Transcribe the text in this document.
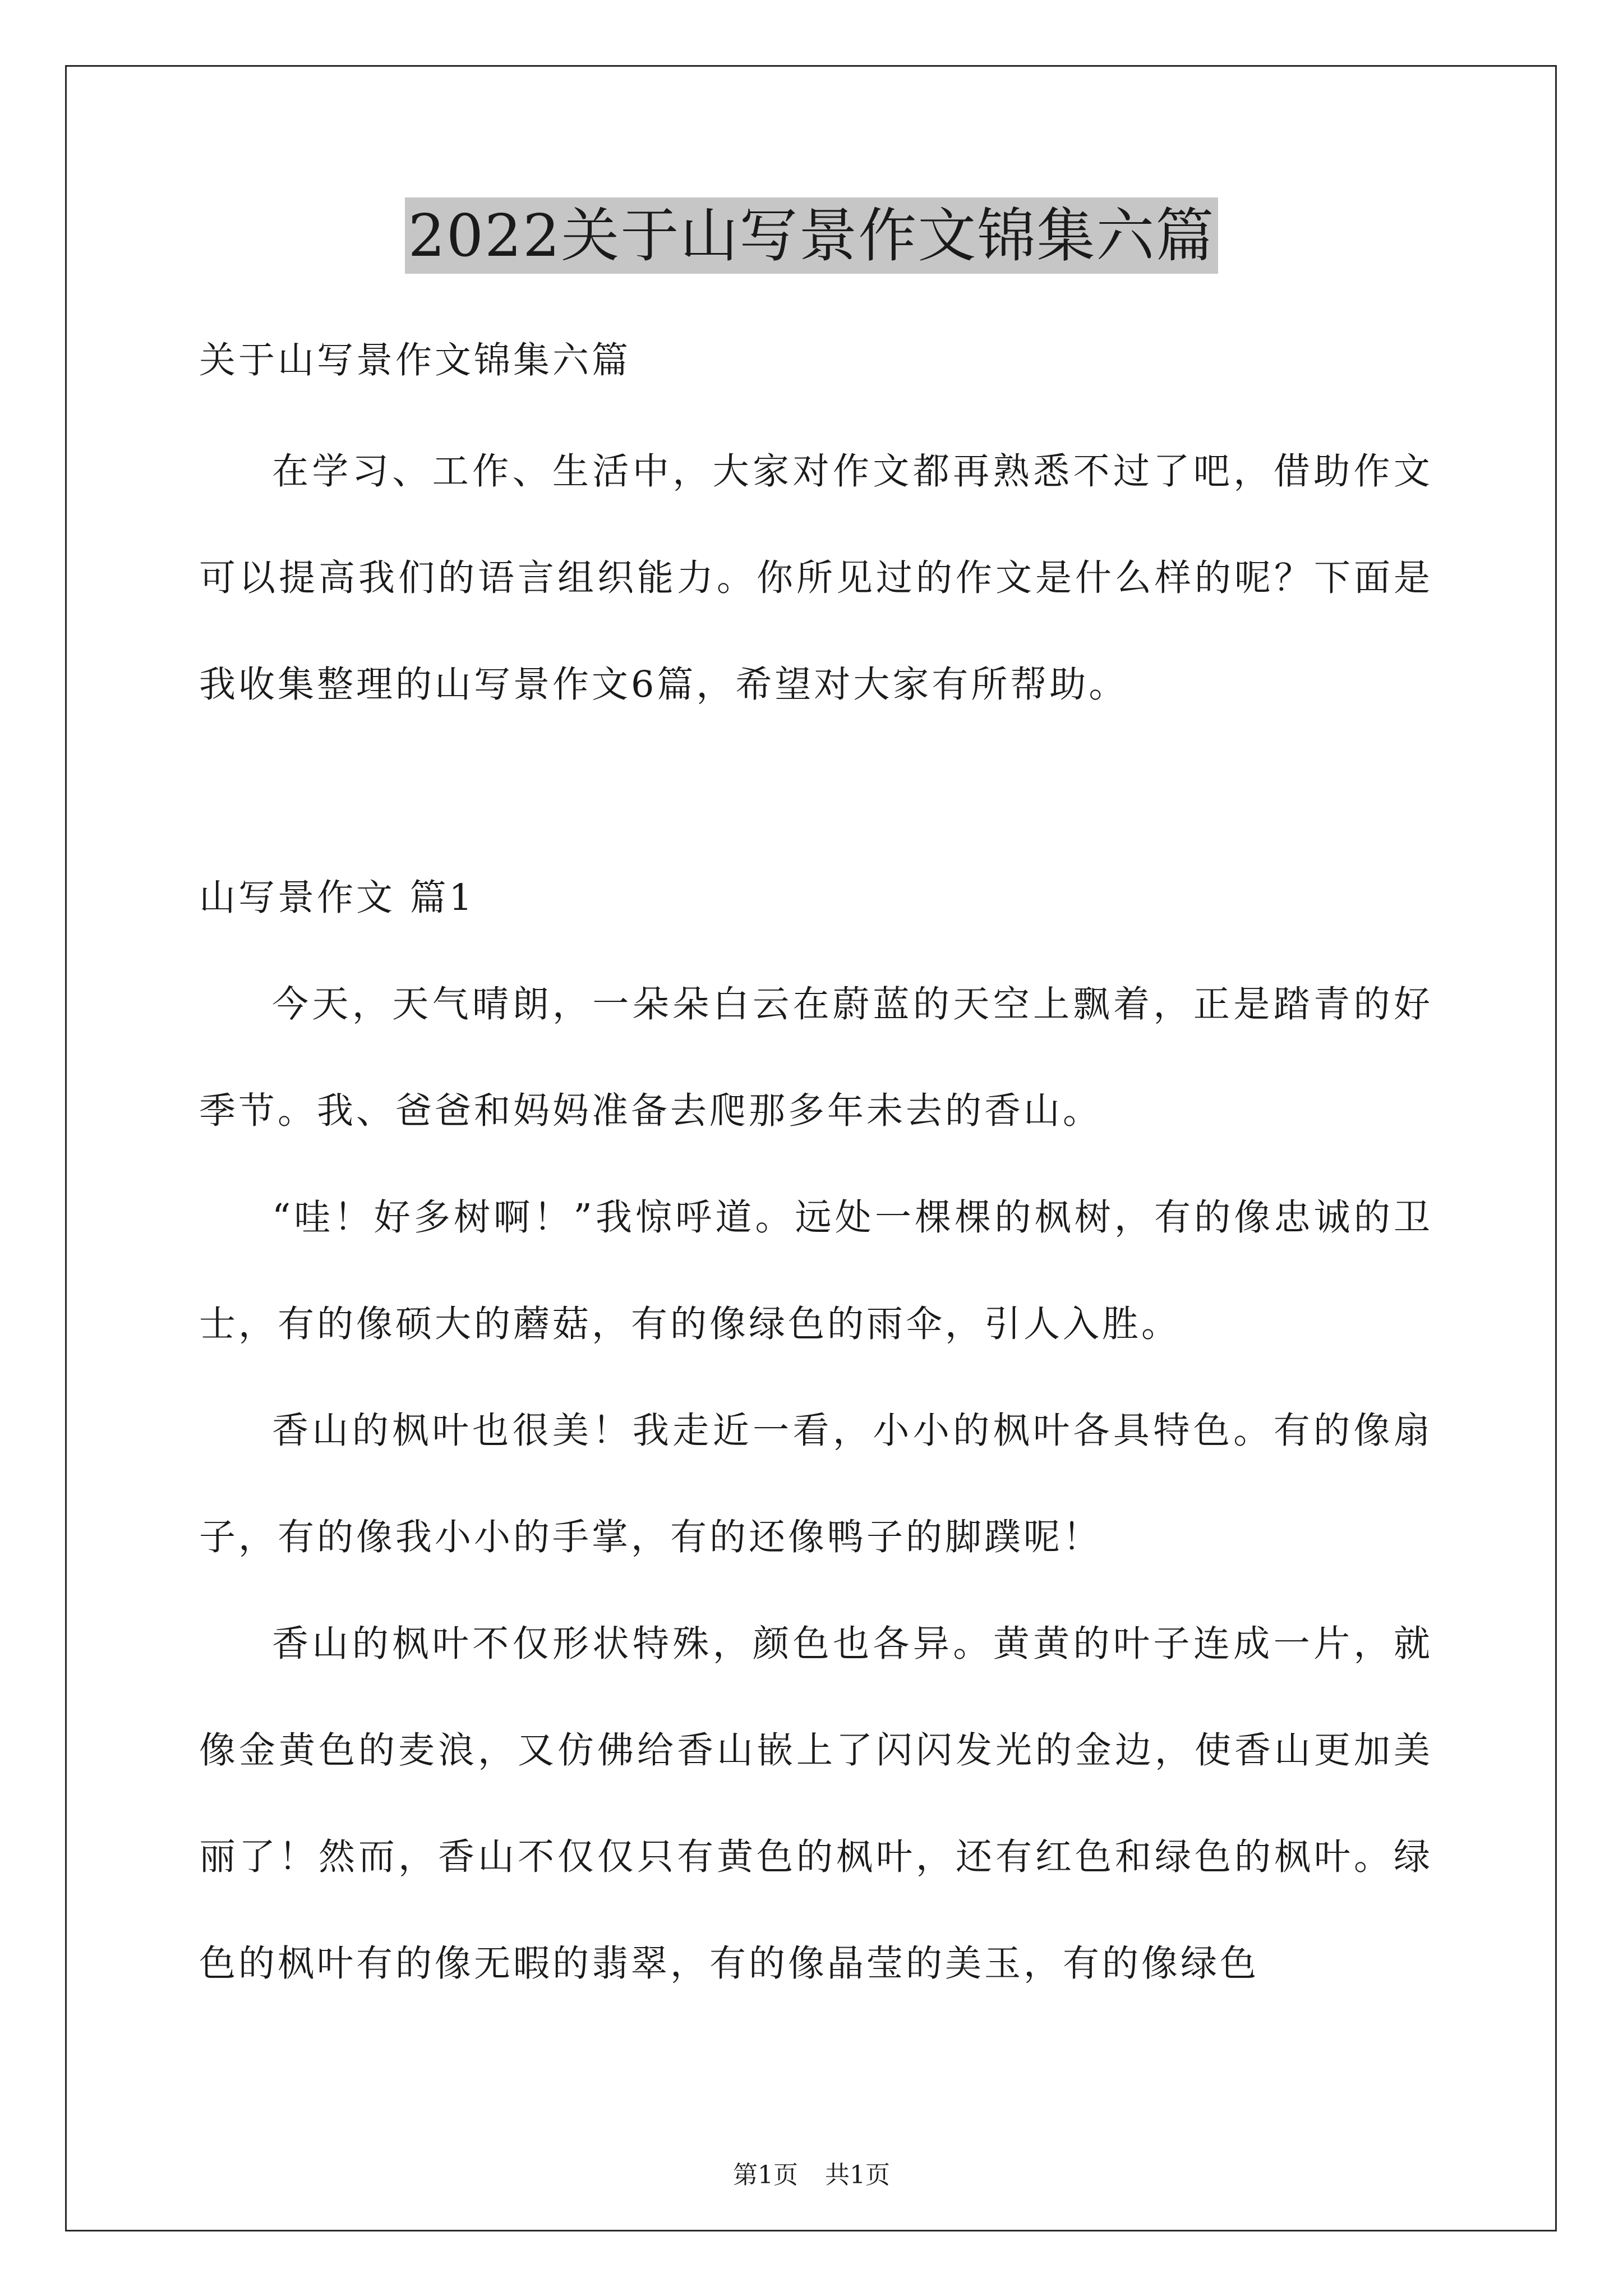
2022关于山写景作文锦集六篇

关于山写景作文锦集六篇

在学习、工作、生活中，大家对作文都再熟悉不过了吧，借助作文可以提高我们的语言组织能力。你所见过的作文是什么样的呢？下面是我收集整理的山写景作文6篇，希望对大家有所帮助。

山写景作文 篇1

今天，天气晴朗，一朵朵白云在蔚蓝的天空上飘着，正是踏青的好季节。我、爸爸和妈妈准备去爬那多年未去的香山。

“哇！好多树啊！”我惊呼道。远处一棵棵的枫树，有的像忠诚的卫士，有的像硕大的蘑菇，有的像绿色的雨伞，引人入胜。

香山的枫叶也很美！我走近一看，小小的枫叶各具特色。有的像扇子，有的像我小小的手掌，有的还像鸭子的脚蹼呢！

香山的枫叶不仅形状特殊，颜色也各异。黄黄的叶子连成一片，就像金黄色的麦浪，又仿佛给香山嵌上了闪闪发光的金边，使香山更加美丽了！然而，香山不仅仅只有黄色的枫叶，还有红色和绿色的枫叶。绿色的枫叶有的像无暇的翡翠，有的像晶莹的美玉，有的像绿色

第1页 共1页
